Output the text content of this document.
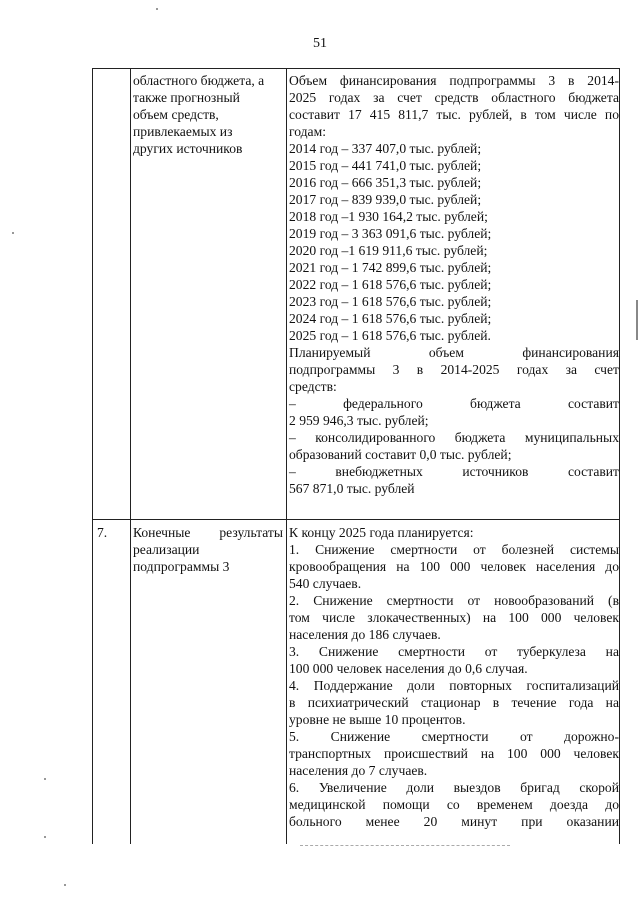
51

областного бюджета, а

также прогнозный

объем средств,

привлекаемых из

других источников

Объем финансирования подпрограммы 3 в 2014-

2025 годах за счет средств областного бюджета

составит 17 415 811,7 тыс. рублей, в том числе по

годам:

2014 год – 337 407,0 тыс. рублей;

2015 год – 441 741,0 тыс. рублей;

2016 год – 666 351,3 тыс. рублей;

2017 год – 839 939,0 тыс. рублей;

2018 год –1 930 164,2 тыс. рублей;

2019 год – 3 363 091,6 тыс. рублей;

2020 год –1 619 911,6 тыс. рублей;

2021 год – 1 742 899,6 тыс. рублей;

2022 год – 1 618 576,6 тыс. рублей;

2023 год – 1 618 576,6 тыс. рублей;

2024 год – 1 618 576,6 тыс. рублей;

2025 год – 1 618 576,6 тыс. рублей.

Планируемый объем финансирования

подпрограммы 3 в 2014-2025 годах за счет

средств:

– федерального бюджета составит

2 959 946,3 тыс. рублей;

– консолидированного бюджета муниципальных

образований составит 0,0 тыс. рублей;

– внебюджетных источников составит

567 871,0 тыс. рублей

7.	Конечные результаты

реализации

подпрограммы 3

К концу 2025 года планируется:

1. Снижение смертности от болезней системы

кровообращения на 100 000 человек населения до

540 случаев.

2. Снижение смертности от новообразований (в

том числе злокачественных) на 100 000 человек

населения до 186 случаев.

3. Снижение смертности от туберкулеза на

100 000 человек населения до 0,6 случая.

4. Поддержание доли повторных госпитализаций

в психиатрический стационар в течение года на

уровне не выше 10 процентов.

5. Снижение смертности от дорожно-

транспортных происшествий на 100 000 человек

населения до 7 случаев.

6. Увеличение доли выездов бригад скорой

медицинской помощи со временем доезда до

больного менее 20 минут при оказании
